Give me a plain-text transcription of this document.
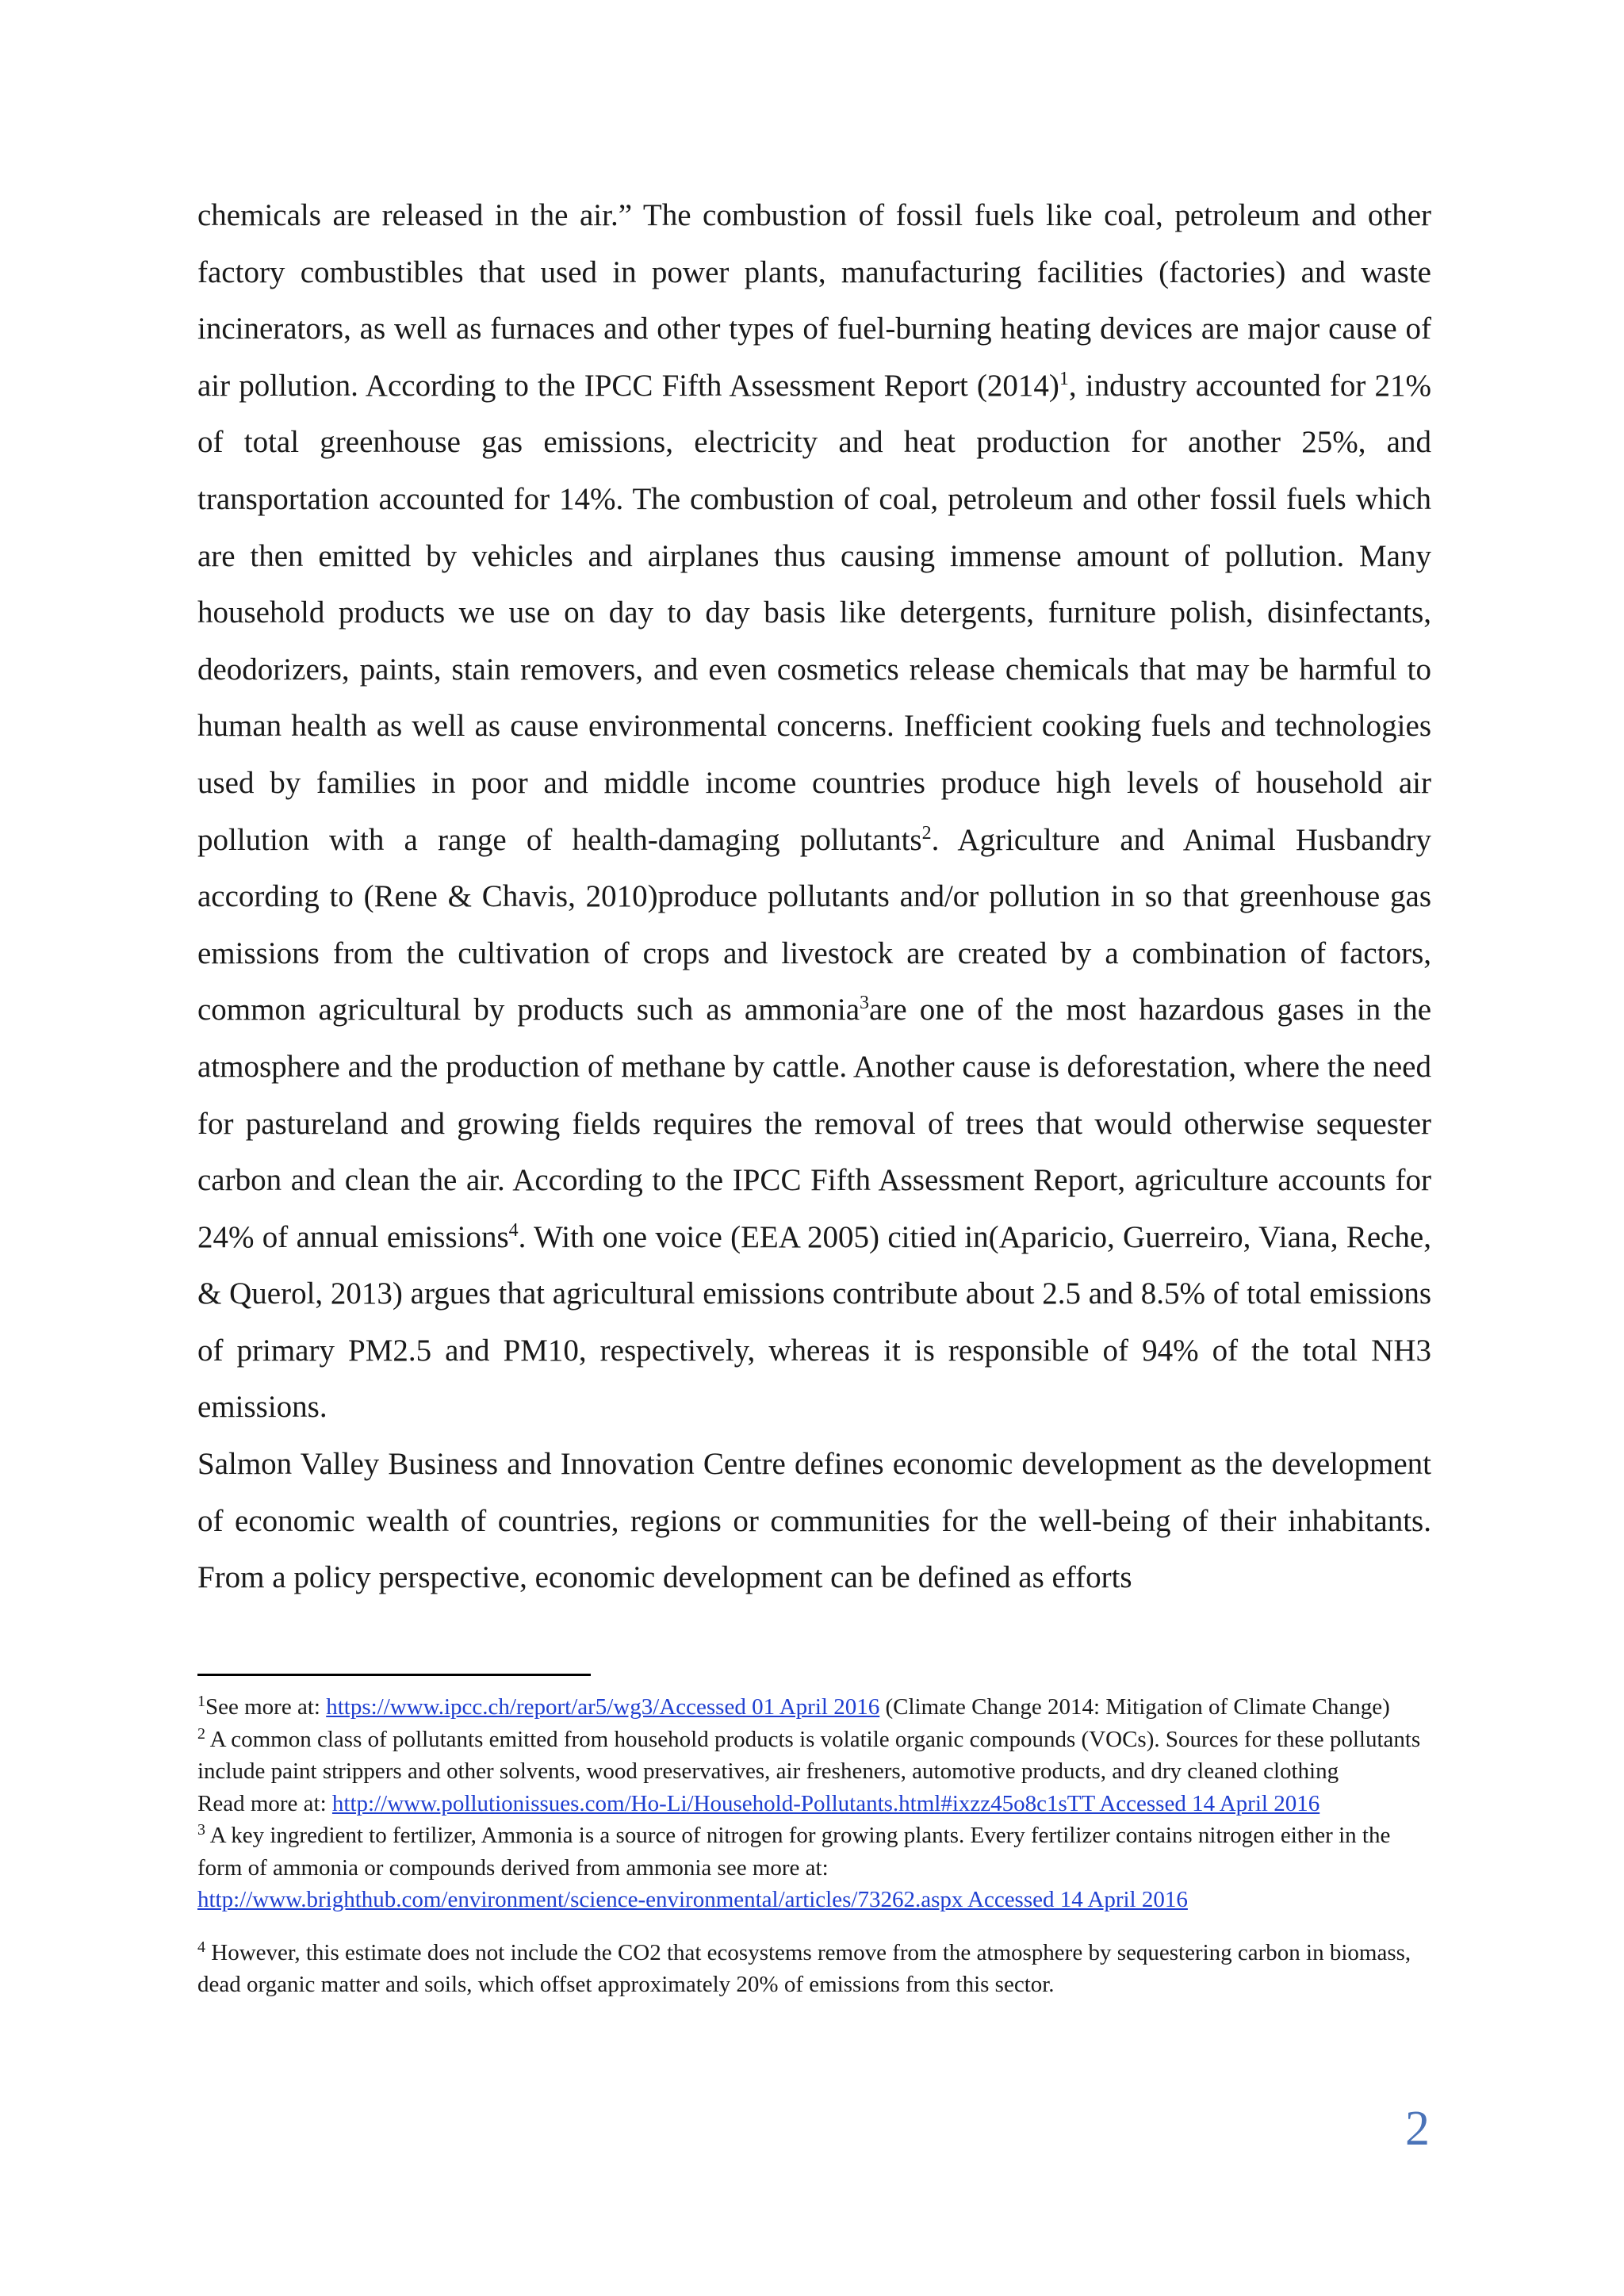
chemicals are released in the air.” The combustion of fossil fuels like coal, petroleum and other factory combustibles that used in power plants, manufacturing facilities (factories) and waste incinerators, as well as furnaces and other types of fuel-burning heating devices are major cause of air pollution. According to the IPCC Fifth Assessment Report $(2014)^1$, industry accounted for 21% of total greenhouse gas emissions, electricity and heat production for another 25%, and transportation accounted for 14%. The combustion of coal, petroleum and other fossil fuels which are then emitted by vehicles and airplanes thus causing immense amount of pollution. Many household products we use on day to day basis like detergents, furniture polish, disinfectants, deodorizers, paints, stain removers, and even cosmetics release chemicals that may be harmful to human health as well as cause environmental concerns. Inefficient cooking fuels and technologies used by families in poor and middle income countries produce high levels of household air pollution with a range of health-damaging pollutants$^2$. Agriculture and Animal Husbandry according to (Rene & Chavis, 2010)produce pollutants and/or pollution in so that greenhouse gas emissions from the cultivation of crops and livestock are created by a combination of factors, common agricultural by products such as ammonia$^3$are one of the most hazardous gases in the atmosphere and the production of methane by cattle. Another cause is deforestation, where the need for pastureland and growing fields requires the removal of trees that would otherwise sequester carbon and clean the air. According to the IPCC Fifth Assessment Report, agriculture accounts for 24% of annual emissions$^4$. With one voice (EEA 2005) citied in(Aparicio, Guerreiro, Viana, Reche, & Querol, 2013) argues that agricultural emissions contribute about 2.5 and 8.5% of total emissions of primary PM2.5 and PM10, respectively, whereas it is responsible of 94% of the total NH3 emissions.

Salmon Valley Business and Innovation Centre defines economic development as the development of economic wealth of countries, regions or communities for the well-being of their inhabitants. From a policy perspective, economic development can be defined as efforts

$^1$See more at: https://www.ipcc.ch/report/ar5/wg3/Accessed 01 April 2016 (Climate Change 2014: Mitigation of Climate Change)

$^2$ A common class of pollutants emitted from household products is volatile organic compounds (VOCs). Sources for these pollutants include paint strippers and other solvents, wood preservatives, air fresheners, automotive products, and dry cleaned clothing

Read more at: http://www.pollutionissues.com/Ho-Li/Household-Pollutants.html#ixzz45o8c1sTT Accessed 14 April 2016

$^3$ A key ingredient to fertilizer, Ammonia is a source of nitrogen for growing plants. Every fertilizer contains nitrogen either in the form of ammonia or compounds derived from ammonia see more at:

http://www.brighthub.com/environment/science-environmental/articles/73262.aspx Accessed 14 April 2016

$^4$ However, this estimate does not include the CO2 that ecosystems remove from the atmosphere by sequestering carbon in biomass, dead organic matter and soils, which offset approximately 20% of emissions from this sector.

2
